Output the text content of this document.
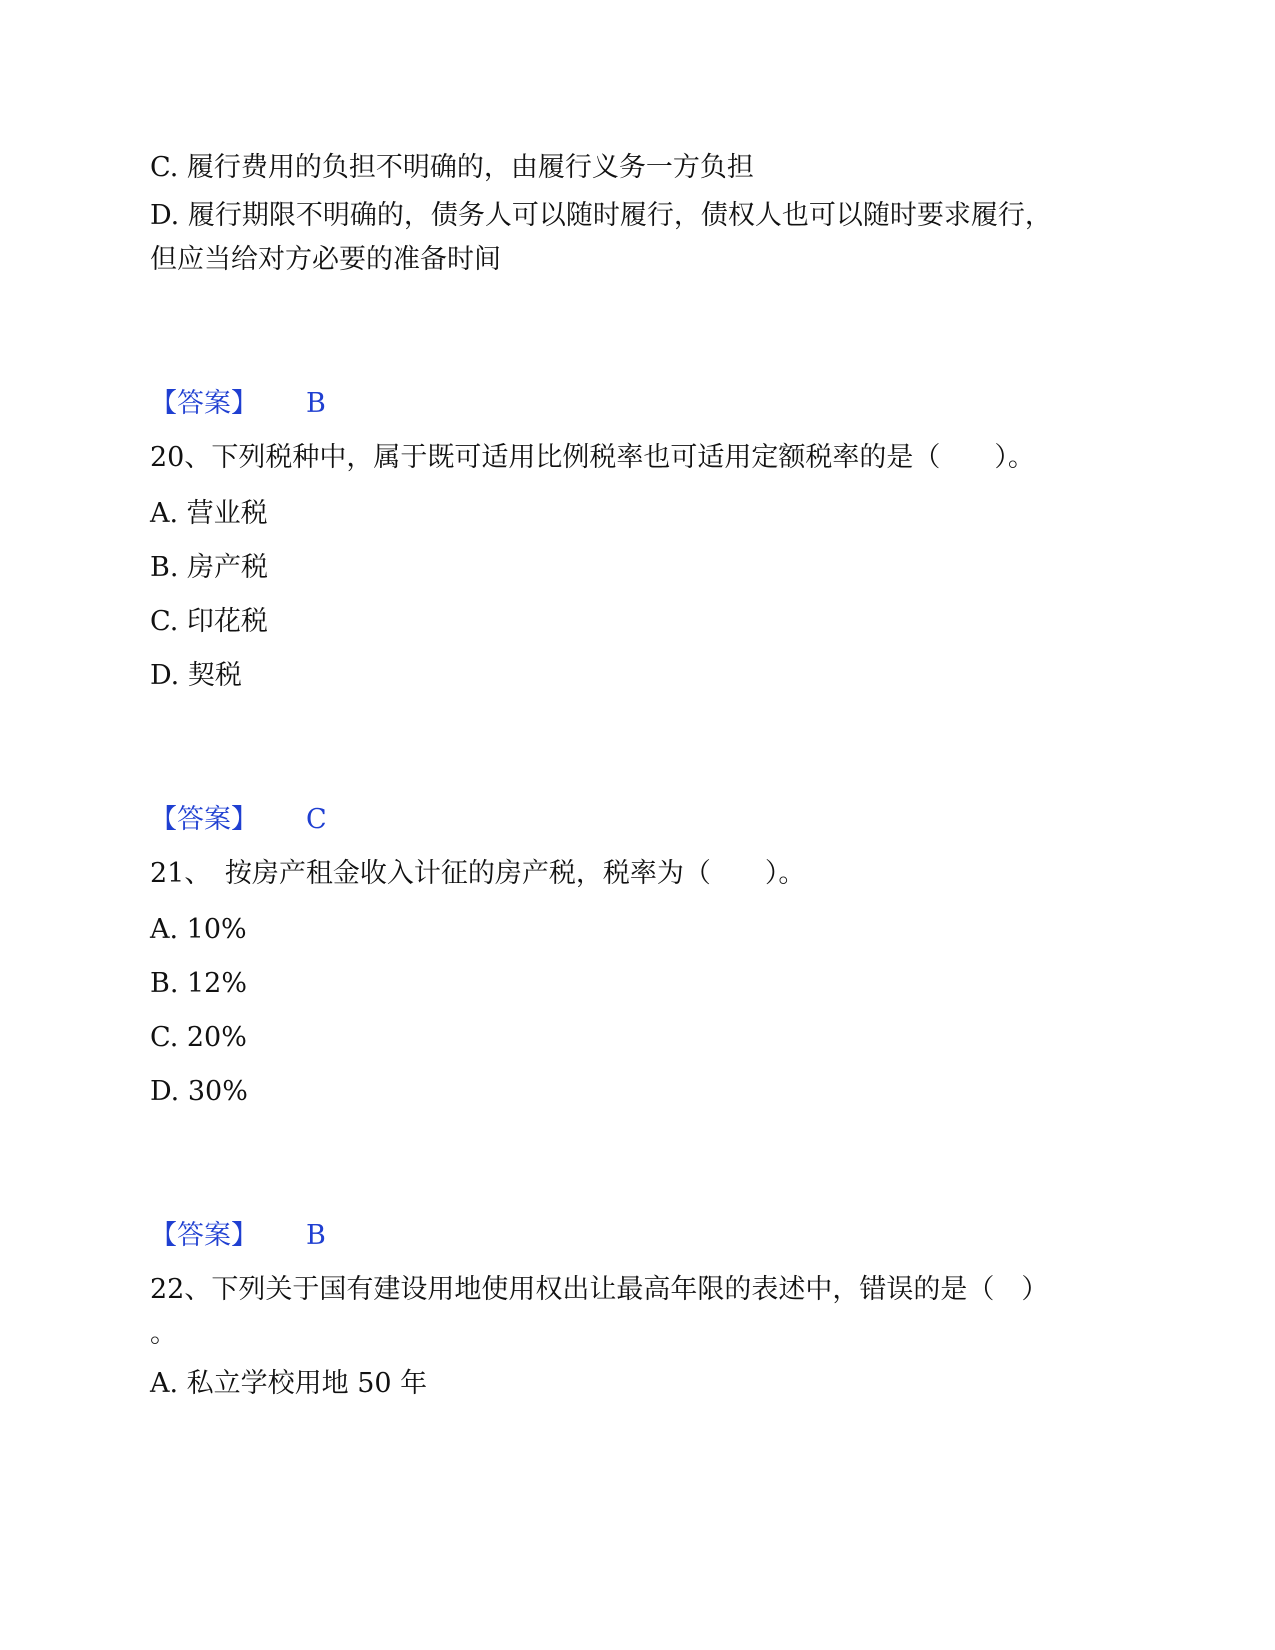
C. 履行费用的负担不明确的，由履行义务一方负担
D. 履行期限不明确的，债务人可以随时履行，债权人也可以随时要求履行，
但应当给对方必要的准备时间
【答案】 B
20、下列税种中，属于既可适用比例税率也可适用定额税率的是（　　）。
A. 营业税
B. 房产税
C. 印花税
D. 契税
【答案】 C
21、　按房产租金收入计征的房产税，税率为（　　）。
A. 10%
B. 12%
C. 20%
D. 30%
【答案】 B
22、下列关于国有建设用地使用权出让最高年限的表述中，错误的是（　）
。
A. 私立学校用地 50 年
